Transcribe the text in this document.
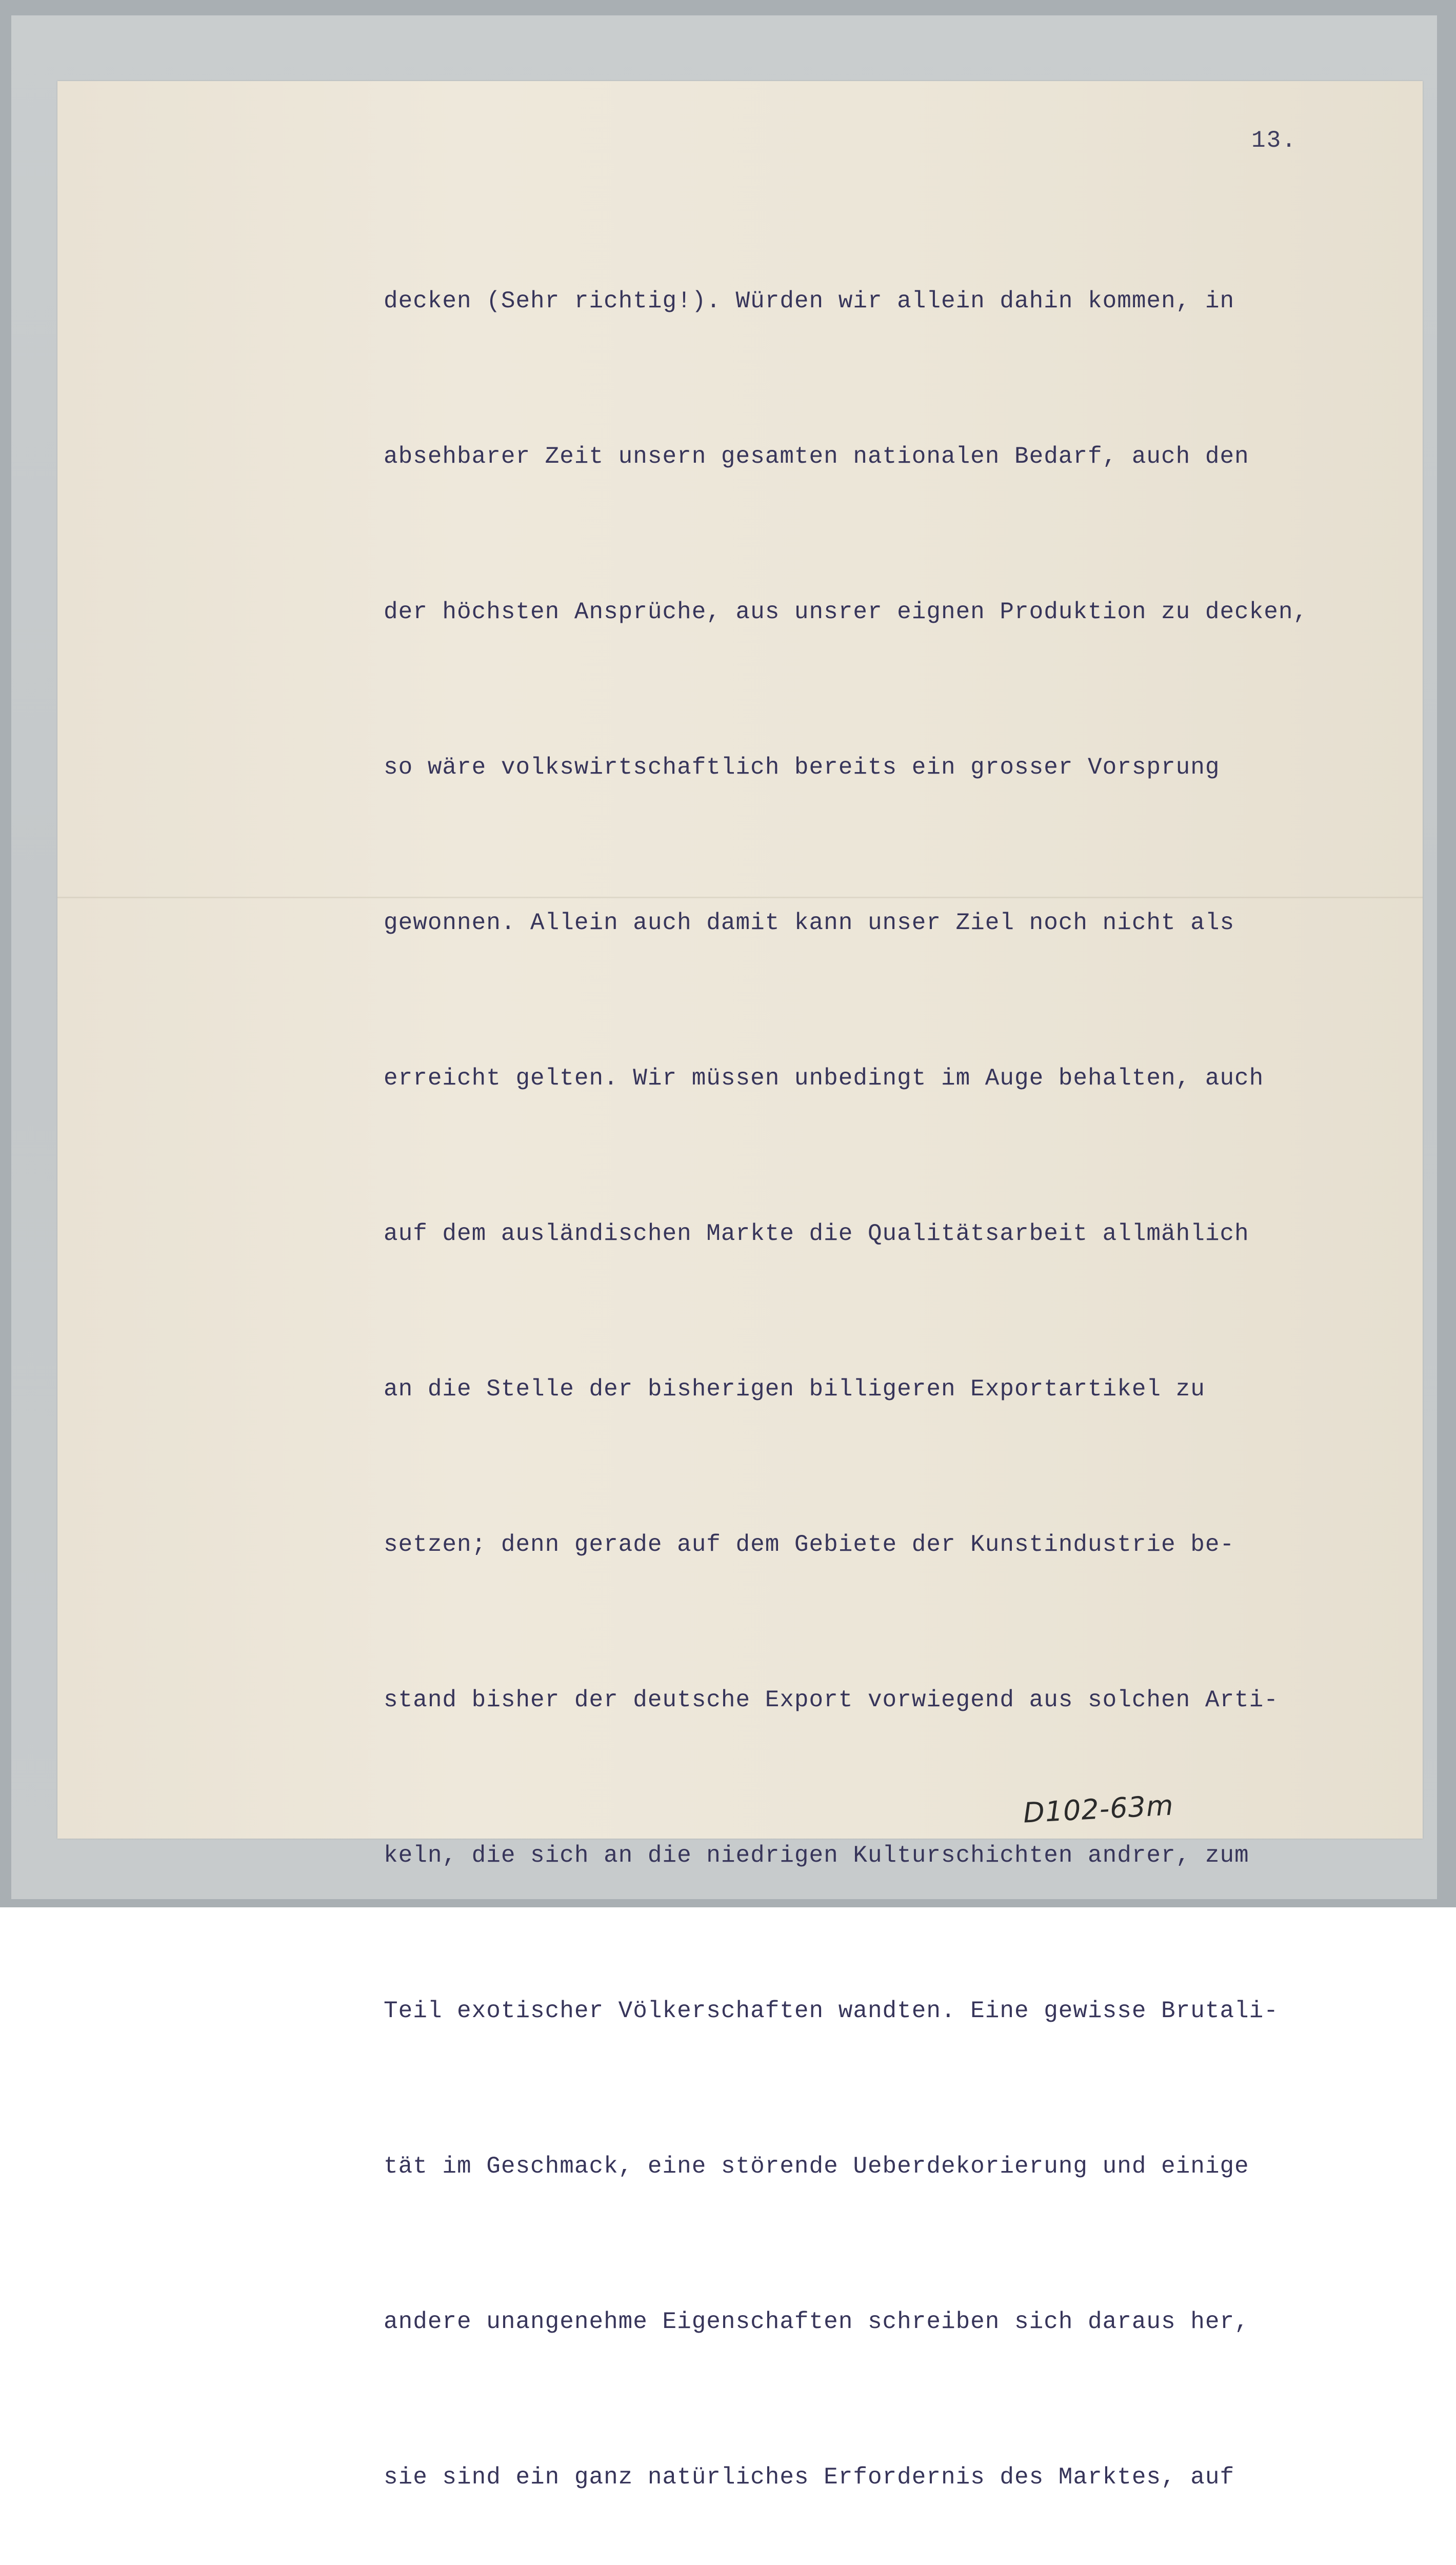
13.

decken (Sehr richtig!). Würden wir allein dahin kommen, in

absehbarer Zeit unsern gesamten nationalen Bedarf, auch den

der höchsten Ansprüche, aus unsrer eignen Produktion zu decken,

so wäre volkswirtschaftlich bereits ein grosser Vorsprung

gewonnen. Allein auch damit kann unser Ziel noch nicht als

erreicht gelten. Wir müssen unbedingt im Auge behalten, auch

auf dem ausländischen Markte die Qualitätsarbeit allmählich

an die Stelle der bisherigen billigeren Exportartikel zu

setzen; denn gerade auf dem Gebiete der Kunstindustrie be-

stand bisher der deutsche Export vorwiegend aus solchen Arti-

keln, die sich an die niedrigen Kulturschichten andrer, zum

Teil exotischer Völkerschaften wandten. Eine gewisse Brutali-

tät im Geschmack, eine störende Ueberdekorierung und einige

andere unangenehme Eigenschaften schreiben sich daraus her,

sie sind ein ganz natürliches Erfordernis des Marktes, auf

D102-63m
